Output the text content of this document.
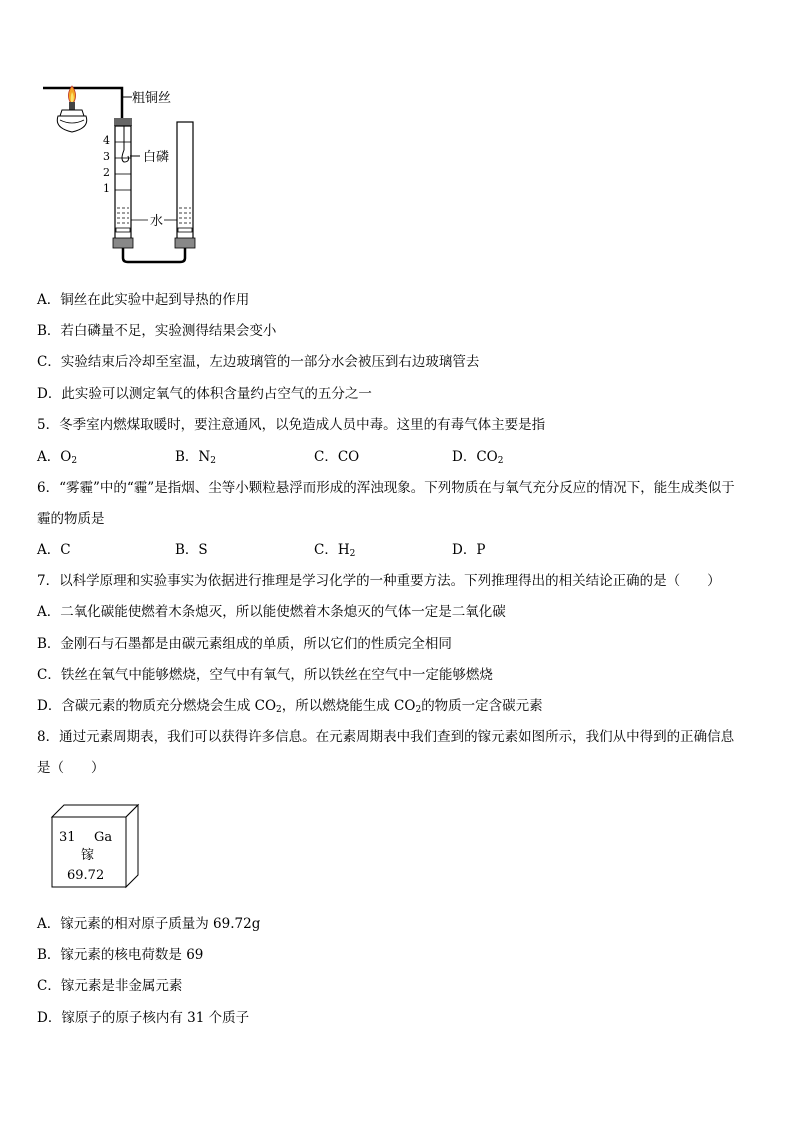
粗铜丝
白磷
4
3
2
1
水
A．铜丝在此实验中起到导热的作用
B．若白磷量不足，实验测得结果会变小
C．实验结束后冷却至室温，左边玻璃管的一部分水会被压到右边玻璃管去
D．此实验可以测定氧气的体积含量约占空气的五分之一
5．冬季室内燃煤取暖时，要注意通风，以免造成人员中毒。这里的有毒气体主要是指
A．$O_2$	B．$N_2$	C．CO	D．$CO_2$
6．“雾霾”中的“霾”是指烟、尘等小颗粒悬浮而形成的浑浊现象。下列物质在与氧气充分反应的情况下，能生成类似于
霾的物质是
A．C	B．S	C．$H_2$	D．P
7．以科学原理和实验事实为依据进行推理是学习化学的一种重要方法。下列推理得出的相关结论正确的是（　　）
A．二氧化碳能使燃着木条熄灭，所以能使燃着木条熄灭的气体一定是二氧化碳
B．金刚石与石墨都是由碳元素组成的单质，所以它们的性质完全相同
C．铁丝在氧气中能够燃烧，空气中有氧气，所以铁丝在空气中一定能够燃烧
D．含碳元素的物质充分燃烧会生成 $CO_2$，所以燃烧能生成 $CO_2$的物质一定含碳元素
8．通过元素周期表，我们可以获得许多信息。在元素周期表中我们查到的镓元素如图所示，我们从中得到的正确信息
是（　　）
31 Ga
镓
69.72
A．镓元素的相对原子质量为 69.72g
B．镓元素的核电荷数是 69
C．镓元素是非金属元素
D．镓原子的原子核内有 31 个质子
